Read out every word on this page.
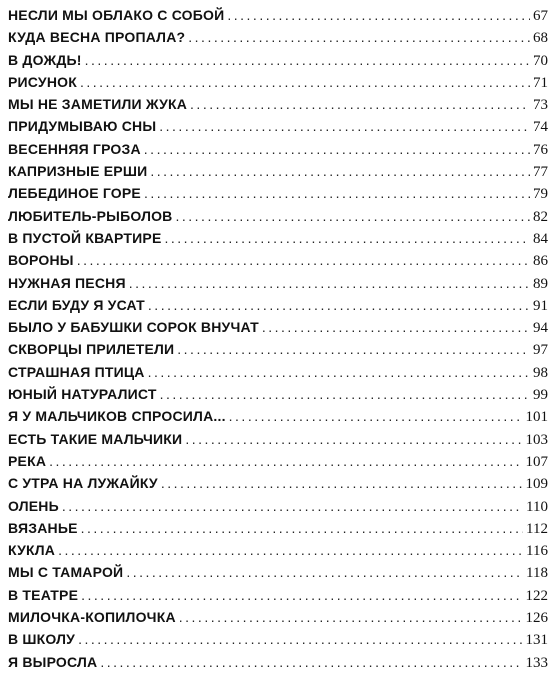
НЕСЛИ МЫ ОБЛАКО С СОБОЙ .....	67
КУДА ВЕСНА ПРОПАЛА? .....	68
В ДОЖДЬ! .....	70
РИСУНОК .....	71
МЫ НЕ ЗАМЕТИЛИ ЖУКА .....	73
ПРИДУМЫВАЮ СНЫ .....	74
ВЕСЕННЯЯ ГРОЗА .....	76
КАПРИЗНЫЕ ЕРШИ .....	77
ЛЕБЕДИНОЕ ГОРЕ .....	79
ЛЮБИТЕЛЬ-РЫБОЛОВ .....	82
В ПУСТОЙ КВАРТИРЕ .....	84
ВОРОНЫ .....	86
НУЖНАЯ ПЕСНЯ .....	89
ЕСЛИ БУДУ Я УСАТ .....	91
БЫЛО У БАБУШКИ СОРОК ВНУЧАТ .....	94
СКВОРЦЫ ПРИЛЕТЕЛИ .....	97
СТРАШНАЯ ПТИЦА .....	98
ЮНЫЙ НАТУРАЛИСТ .....	99
Я У МАЛЬЧИКОВ СПРОСИЛА... .....	101
ЕСТЬ ТАКИЕ МАЛЬЧИКИ .....	103
РЕКА .....	107
С УТРА НА ЛУЖАЙКУ .....	109
ОЛЕНЬ .....	110
ВЯЗАНЬЕ .....	112
КУКЛА .....	116
МЫ С ТАМАРОЙ .....	118
В ТЕАТРЕ .....	122
МИЛОЧКА-КОПИЛОЧКА .....	126
В ШКОЛУ .....	131
Я ВЫРОСЛА .....	133
